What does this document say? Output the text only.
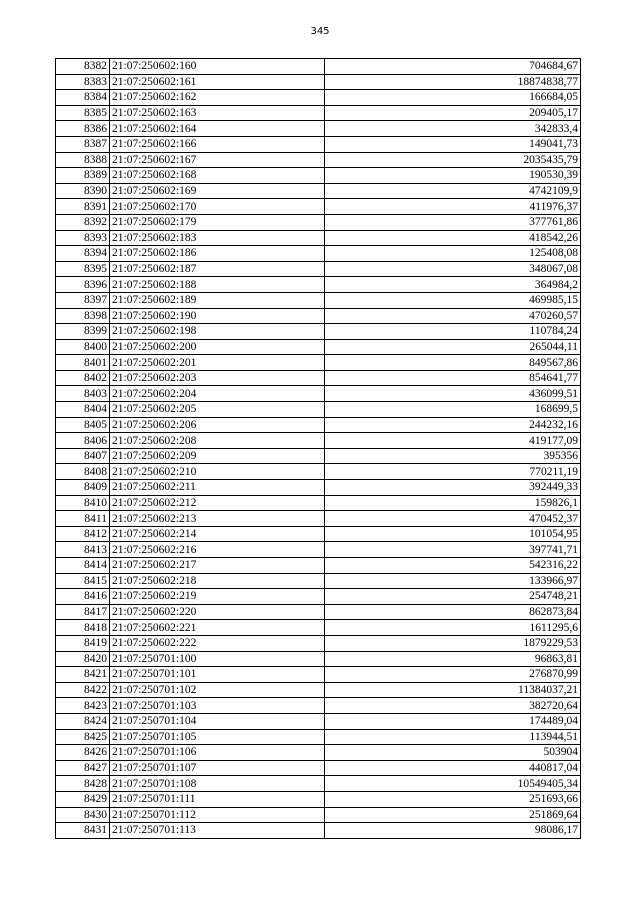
345
8382	21:07:250602:160	704684,67
8383	21:07:250602:161	18874838,77
8384	21:07:250602:162	166684,05
8385	21:07:250602:163	209405,17
8386	21:07:250602:164	342833,4
8387	21:07:250602:166	149041,73
8388	21:07:250602:167	2035435,79
8389	21:07:250602:168	190530,39
8390	21:07:250602:169	4742109,9
8391	21:07:250602:170	411976,37
8392	21:07:250602:179	377761,86
8393	21:07:250602:183	418542,26
8394	21:07:250602:186	125408,08
8395	21:07:250602:187	348067,08
8396	21:07:250602:188	364984,2
8397	21:07:250602:189	469985,15
8398	21:07:250602:190	470260,57
8399	21:07:250602:198	110784,24
8400	21:07:250602:200	265044,11
8401	21:07:250602:201	849567,86
8402	21:07:250602:203	854641,77
8403	21:07:250602:204	436099,51
8404	21:07:250602:205	168699,5
8405	21:07:250602:206	244232,16
8406	21:07:250602:208	419177,09
8407	21:07:250602:209	395356
8408	21:07:250602:210	770211,19
8409	21:07:250602:211	392449,33
8410	21:07:250602:212	159826,1
8411	21:07:250602:213	470452,37
8412	21:07:250602:214	101054,95
8413	21:07:250602:216	397741,71
8414	21:07:250602:217	542316,22
8415	21:07:250602:218	133966,97
8416	21:07:250602:219	254748,21
8417	21:07:250602:220	862873,84
8418	21:07:250602:221	1611295,6
8419	21:07:250602:222	1879229,53
8420	21:07:250701:100	96863,81
8421	21:07:250701:101	276870,99
8422	21:07:250701:102	11384037,21
8423	21:07:250701:103	382720,64
8424	21:07:250701:104	174489,04
8425	21:07:250701:105	113944,51
8426	21:07:250701:106	503904
8427	21:07:250701:107	440817,04
8428	21:07:250701:108	10549405,34
8429	21:07:250701:111	251693,66
8430	21:07:250701:112	251869,64
8431	21:07:250701:113	98086,17
